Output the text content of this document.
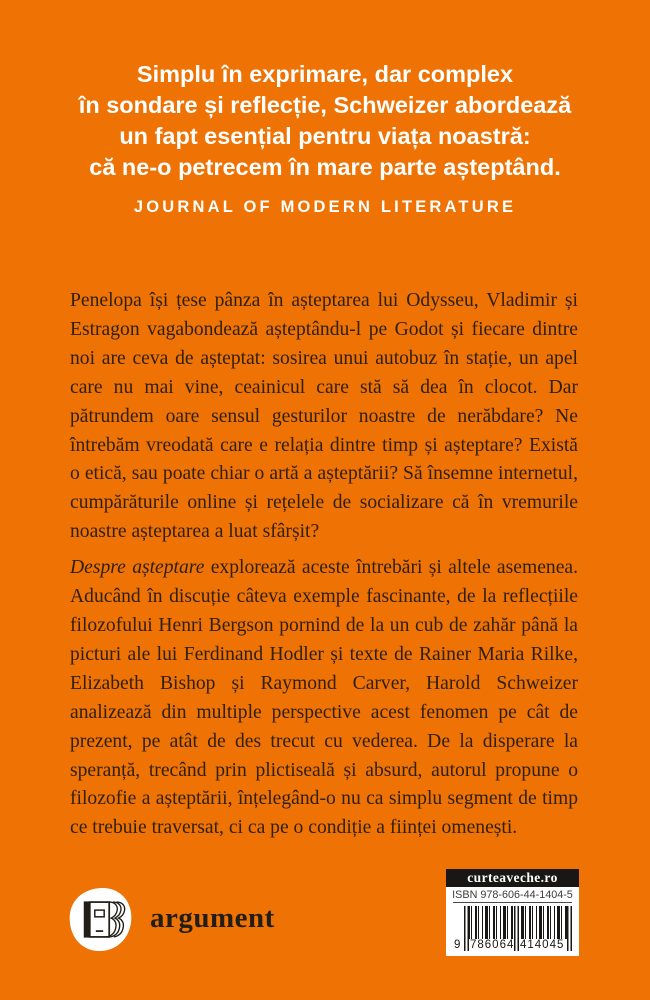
Simplu în exprimare, dar complex
în sondare și reflecție, Schweizer abordează
un fapt esențial pentru viața noastră:
că ne-o petrecem în mare parte așteptând.
JOURNAL OF MODERN LITERATURE

Penelopa își țese pânza în așteptarea lui Odysseu, Vladimir și Estragon vagabondează așteptându-l pe Godot și fiecare dintre noi are ceva de așteptat: sosirea unui autobuz în stație, un apel care nu mai vine, ceainicul care stă să dea în clocot. Dar pătrundem oare sensul gesturilor noastre de nerăbdare? Ne întrebăm vreodată care e relația dintre timp și așteptare? Există o etică, sau poate chiar o artă a așteptării? Să însemne internetul, cumpărăturile online și rețelele de socializare că în vremurile noastre așteptarea a luat sfârșit?

Despre așteptare explorează aceste întrebări și altele asemenea. Aducând în discuție câteva exemple fascinante, de la reflecțiile filozofului Henri Bergson pornind de la un cub de zahăr până la picturi ale lui Ferdinand Hodler și texte de Rainer Maria Rilke, Elizabeth Bishop și Raymond Carver, Harold Schweizer analizează din multiple perspective acest fenomen pe cât de prezent, pe atât de des trecut cu vederea. De la disperare la speranță, trecând prin plictiseală și absurd, autorul propune o filozofie a așteptării, înțelegând-o nu ca simplu segment de timp ce trebuie traversat, ci ca pe o condiție a ființei omenești.

argument
curteaveche.ro
ISBN 978-606-44-1404-5
9 786064 414045
